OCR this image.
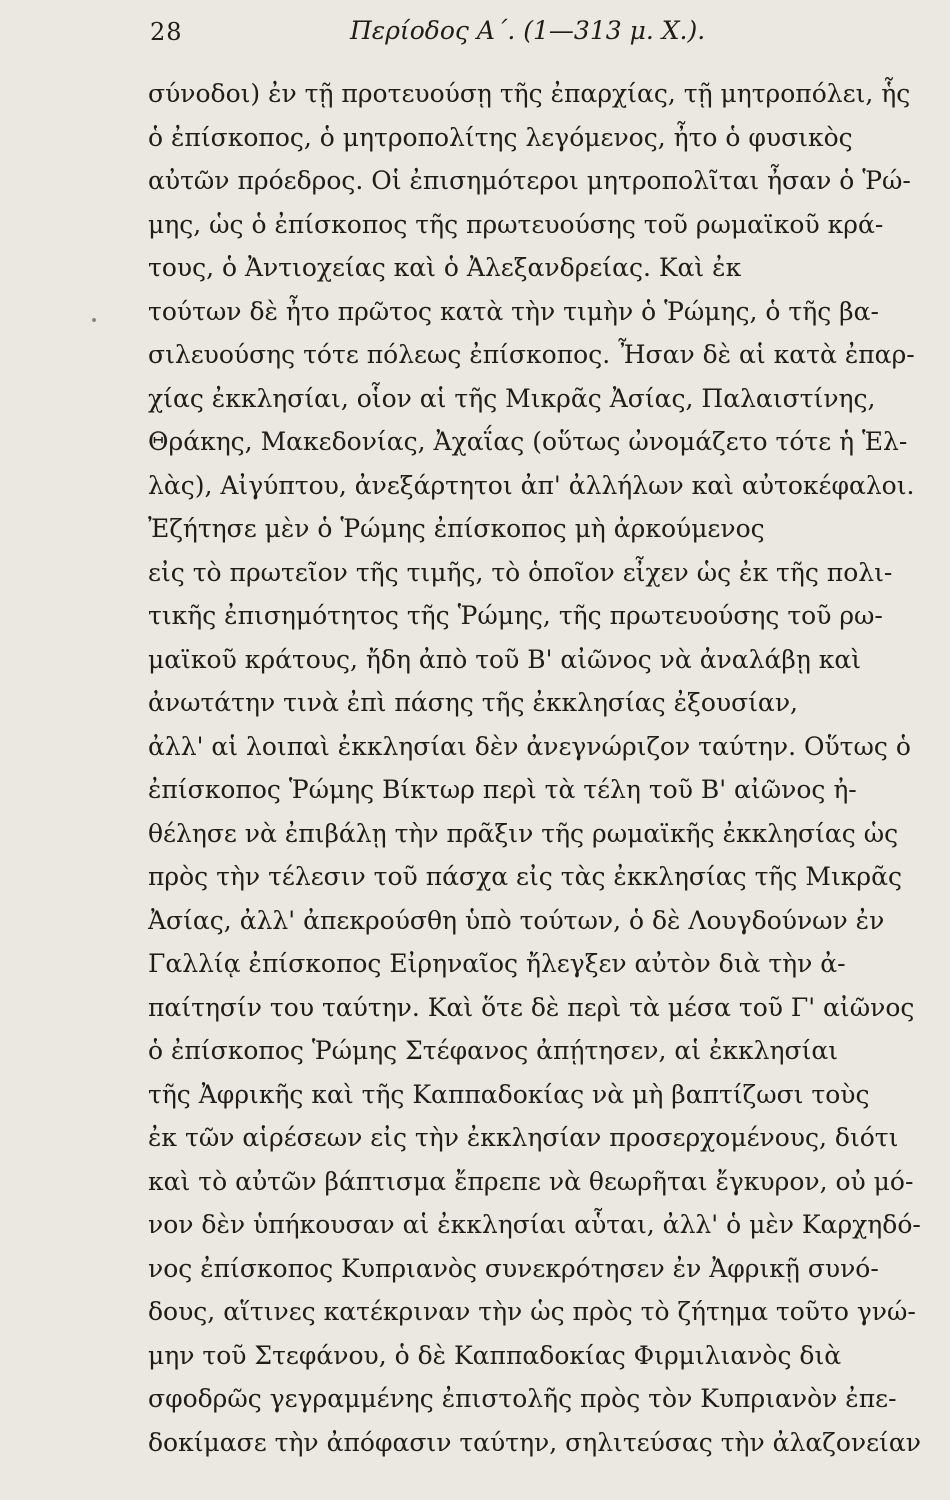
28	Περίοδος Α΄. (1—313 μ. Χ.).
σύνοδοι) ἐν τῇ προτευούσῃ τῆς ἐπαρχίας, τῇ μητροπόλει, ἧς
ὁ ἐπίσκοπος, ὁ μητροπολίτης λεγόμενος, ἦτο ὁ φυσικὸς
αὐτῶν πρόεδρος. Οἱ ἐπισημότεροι μητροπολῖται ἦσαν ὁ Ῥώ-
μης, ὡς ὁ ἐπίσκοπος τῆς πρωτευούσης τοῦ ρωμαϊκοῦ κρά-
τους, ὁ Ἀντιοχείας καὶ ὁ Ἀλεξανδρείας. Καὶ ἐκ
τούτων δὲ ἦτο πρῶτος κατὰ τὴν τιμὴν ὁ Ῥώμης, ὁ τῆς βα-
σιλευούσης τότε πόλεως ἐπίσκοπος. Ἦσαν δὲ αἱ κατὰ ἐπαρ-
χίας ἐκκλησίαι, οἷον αἱ τῆς Μικρᾶς Ἀσίας, Παλαιστίνης,
Θράκης, Μακεδονίας, Ἀχαΐας (οὕτως ὠνομάζετο τότε ἡ Ἑλ-
λὰς), Αἰγύπτου, ἀνεξάρτητοι ἀπ' ἀλλήλων καὶ αὐτοκέφαλοι.
Ἐζήτησε μὲν ὁ Ῥώμης ἐπίσκοπος μὴ ἀρκούμενος
εἰς τὸ πρωτεῖον τῆς τιμῆς, τὸ ὁποῖον εἶχεν ὡς ἐκ τῆς πολι-
τικῆς ἐπισημότητος τῆς Ῥώμης, τῆς πρωτευούσης τοῦ ρω-
μαϊκοῦ κράτους, ἤδη ἀπὸ τοῦ Β' αἰῶνος νὰ ἀναλάβῃ καὶ
ἀνωτάτην τινὰ ἐπὶ πάσης τῆς ἐκκλησίας ἐξουσίαν,
ἀλλ' αἱ λοιπαὶ ἐκκλησίαι δὲν ἀνεγνώριζον ταύτην. Οὕτως ὁ
ἐπίσκοπος Ῥώμης Βίκτωρ περὶ τὰ τέλη τοῦ Β' αἰῶνος ἠ-
θέλησε νὰ ἐπιβάλῃ τὴν πρᾶξιν τῆς ρωμαϊκῆς ἐκκλησίας ὡς
πρὸς τὴν τέλεσιν τοῦ πάσχα εἰς τὰς ἐκκλησίας τῆς Μικρᾶς
Ἀσίας, ἀλλ' ἀπεκρούσθη ὑπὸ τούτων, ὁ δὲ Λουγδούνων ἐν
Γαλλίᾳ ἐπίσκοπος Εἰρηναῖος ἤλεγξεν αὐτὸν διὰ τὴν ἀ-
παίτησίν του ταύτην. Καὶ ὅτε δὲ περὶ τὰ μέσα τοῦ Γ' αἰῶνος
ὁ ἐπίσκοπος Ῥώμης Στέφανος ἀπῄτησεν, αἱ ἐκκλησίαι
τῆς Ἀφρικῆς καὶ τῆς Καππαδοκίας νὰ μὴ βαπτίζωσι τοὺς
ἐκ τῶν αἱρέσεων εἰς τὴν ἐκκλησίαν προσερχομένους, διότι
καὶ τὸ αὐτῶν βάπτισμα ἔπρεπε νὰ θεωρῆται ἔγκυρον, οὐ μό-
νον δὲν ὑπήκουσαν αἱ ἐκκλησίαι αὗται, ἀλλ' ὁ μὲν Καρχηδό-
νος ἐπίσκοπος Κυπριανὸς συνεκρότησεν ἐν Ἀφρικῇ συνό-
δους, αἵτινες κατέκριναν τὴν ὡς πρὸς τὸ ζήτημα τοῦτο γνώ-
μην τοῦ Στεφάνου, ὁ δὲ Καππαδοκίας Φιρμιλιανὸς διὰ
σφοδρῶς γεγραμμένης ἐπιστολῆς πρὸς τὸν Κυπριανὸν ἐπε-
δοκίμασε τὴν ἀπόφασιν ταύτην, σηλιτεύσας τὴν ἀλαζονείαν
